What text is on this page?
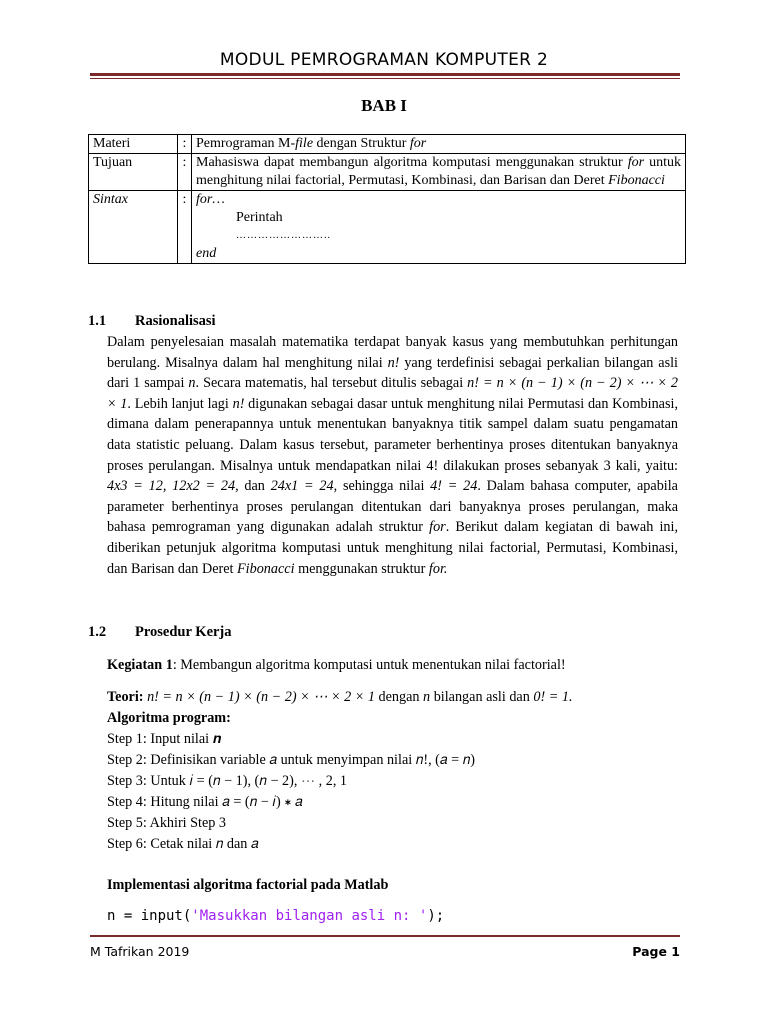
MODUL PEMROGRAMAN KOMPUTER 2
BAB I
Materi	:	Pemrograman M-file dengan Struktur for
Tujuan	:	Mahasiswa dapat membangun algoritma komputasi menggunakan struktur for untuk menghitung nilai factorial, Permutasi, Kombinasi, dan Barisan dan Deret Fibonacci
Sintax	:	for…
Perintah
……………………..
end
1.1 Rasionalisasi
Dalam penyelesaian masalah matematika terdapat banyak kasus yang membutuhkan perhitungan berulang. Misalnya dalam hal menghitung nilai n! yang terdefinisi sebagai perkalian bilangan asli dari 1 sampai n. Secara matematis, hal tersebut ditulis sebagai n! = n × (n − 1) × (n − 2) × ⋯ × 2 × 1. Lebih lanjut lagi n! digunakan sebagai dasar untuk menghitung nilai Permutasi dan Kombinasi, dimana dalam penerapannya untuk menentukan banyaknya titik sampel dalam suatu pengamatan data statistic peluang. Dalam kasus tersebut, parameter berhentinya proses ditentukan banyaknya proses perulangan. Misalnya untuk mendapatkan nilai 4! dilakukan proses sebanyak 3 kali, yaitu: 4x3 = 12, 12x2 = 24, dan 24x1 = 24, sehingga nilai 4! = 24. Dalam bahasa computer, apabila parameter berhentinya proses perulangan ditentukan dari banyaknya proses perulangan, maka bahasa pemrograman yang digunakan adalah struktur for. Berikut dalam kegiatan di bawah ini, diberikan petunjuk algoritma komputasi untuk menghitung nilai factorial, Permutasi, Kombinasi, dan Barisan dan Deret Fibonacci menggunakan struktur for.
1.2 Prosedur Kerja
Kegiatan 1: Membangun algoritma komputasi untuk menentukan nilai factorial!
Teori: n! = n × (n − 1) × (n − 2) × ⋯ × 2 × 1 dengan n bilangan asli dan 0! = 1.
Algoritma program:
Step 1: Input nilai 𝒏
Step 2: Definisikan variable 𝑎 untuk menyimpan nilai 𝑛!, (𝑎 = 𝑛)
Step 3: Untuk 𝑖 = (𝑛 − 1), (𝑛 − 2), ⋯ , 2, 1
Step 4: Hitung nilai 𝑎 = (𝑛 − 𝑖) ∗ 𝑎
Step 5: Akhiri Step 3
Step 6: Cetak nilai 𝑛 dan 𝑎
Implementasi algoritma factorial pada Matlab
n = input('Masukkan bilangan asli n: ');
M Tafrikan 2019	Page 1
